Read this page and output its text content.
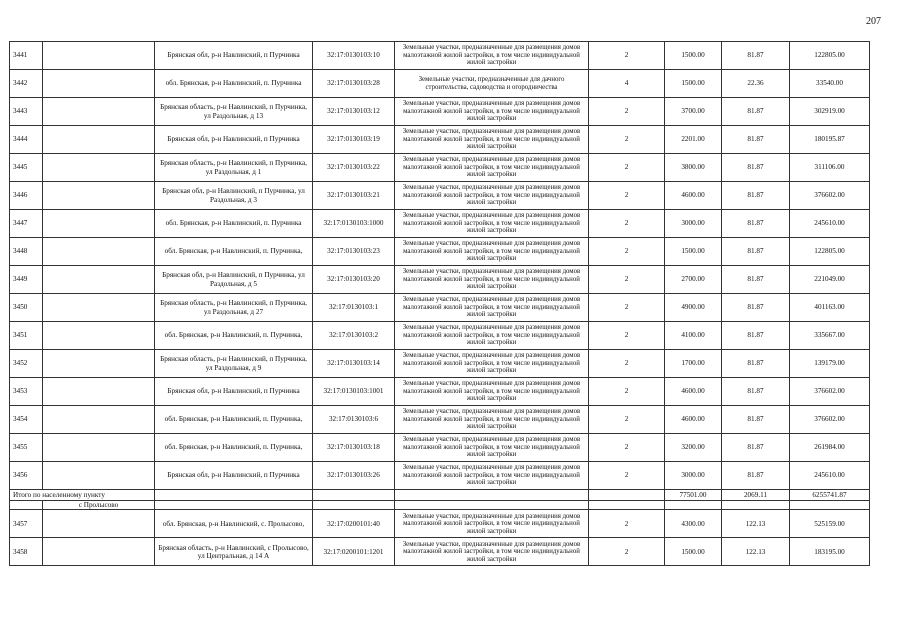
207
3441		Брянская обл, р-н Навлинский, п Пурчинка	32:17:0130103:10	Земельные участки, предназначенные для размещения домов малоэтажной жилой застройки, в том числе индивидуальной жилой застройки	2	1500.00	81.87	122805.00
3442		обл. Брянская, р-н Навлинский, п. Пурчинка	32:17:0130103:28	Земельные участки, предназначенные для дачного строительства, садоводства и огородничества	4	1500.00	22.36	33540.00
3443		Брянская область, р-н Навлинский, п Пурчинка, ул Раздольная, д 13	32:17:0130103:12	Земельные участки, предназначенные для размещения домов малоэтажной жилой застройки, в том числе индивидуальной жилой застройки	2	3700.00	81.87	302919.00
3444		Брянская обл, р-н Навлинский, п Пурчинка	32:17:0130103:19	Земельные участки, предназначенные для размещения домов малоэтажной жилой застройки, в том числе индивидуальной жилой застройки	2	2201.00	81.87	180195.87
3445		Брянская область, р-н Навлинский, п Пурчинка, ул Раздольная, д 1	32:17:0130103:22	Земельные участки, предназначенные для размещения домов малоэтажной жилой застройки, в том числе индивидуальной жилой застройки	2	3800.00	81.87	311106.00
3446		Брянская обл, р-н Навлинский, п Пурчинка, ул Раздольная, д 3	32:17:0130103:21	Земельные участки, предназначенные для размещения домов малоэтажной жилой застройки, в том числе индивидуальной жилой застройки	2	4600.00	81.87	376602.00
3447		обл. Брянская, р-н Навлинский, п. Пурчинка	32:17:0130103:1000	Земельные участки, предназначенные для размещения домов малоэтажной жилой застройки, в том числе индивидуальной жилой застройки	2	3000.00	81.87	245610.00
3448		обл. Брянская, р-н Навлинский, п. Пурчинка,	32:17:0130103:23	Земельные участки, предназначенные для размещения домов малоэтажной жилой застройки, в том числе индивидуальной жилой застройки	2	1500.00	81.87	122805.00
3449		Брянская обл, р-н Навлинский, п Пурчинка, ул Раздольная, д 5	32:17:0130103:20	Земельные участки, предназначенные для размещения домов малоэтажной жилой застройки, в том числе индивидуальной жилой застройки	2	2700.00	81.87	221049.00
3450		Брянская область, р-н Навлинский, п Пурчинка, ул Раздольная, д 27	32:17:0130103:1	Земельные участки, предназначенные для размещения домов малоэтажной жилой застройки, в том числе индивидуальной жилой застройки	2	4900.00	81.87	401163.00
3451		обл. Брянская, р-н Навлинский, п. Пурчинка,	32:17:0130103:2	Земельные участки, предназначенные для размещения домов малоэтажной жилой застройки, в том числе индивидуальной жилой застройки	2	4100.00	81.87	335667.00
3452		Брянская область, р-н Навлинский, п Пурчинка, ул Раздольная, д 9	32:17:0130103:14	Земельные участки, предназначенные для размещения домов малоэтажной жилой застройки, в том числе индивидуальной жилой застройки	2	1700.00	81.87	139179.00
3453		Брянская обл, р-н Навлинский, п Пурчинка	32:17:0130103:1001	Земельные участки, предназначенные для размещения домов малоэтажной жилой застройки, в том числе индивидуальной жилой застройки	2	4600.00	81.87	376602.00
3454		обл. Брянская, р-н Навлинский, п. Пурчинка,	32:17:0130103:6	Земельные участки, предназначенные для размещения домов малоэтажной жилой застройки, в том числе индивидуальной жилой застройки	2	4600.00	81.87	376602.00
3455		обл. Брянская, р-н Навлинский, п. Пурчинка,	32:17:0130103:18	Земельные участки, предназначенные для размещения домов малоэтажной жилой застройки, в том числе индивидуальной жилой застройки	2	3200.00	81.87	261984.00
3456		Брянская обл, р-н Навлинский, п Пурчинка	32:17:0130103:26	Земельные участки, предназначенные для размещения домов малоэтажной жилой застройки, в том числе индивидуальной жилой застройки	2	3000.00	81.87	245610.00
Итого по населенному пункту						77501.00	2069.11	6255741.87
	с Пролысово							
3457		обл. Брянская, р-н Навлинский, с. Пролысово,	32:17:0200101:40	Земельные участки, предназначенные для размещения домов малоэтажной жилой застройки, в том числе индивидуальной жилой застройки	2	4300.00	122.13	525159.00
3458		Брянская область, р-н Навлинский, с Пролысово, ул Центральная, д 14 А	32:17:0200101:1201	Земельные участки, предназначенные для размещения домов малоэтажной жилой застройки, в том числе индивидуальной жилой застройки	2	1500.00	122.13	183195.00
